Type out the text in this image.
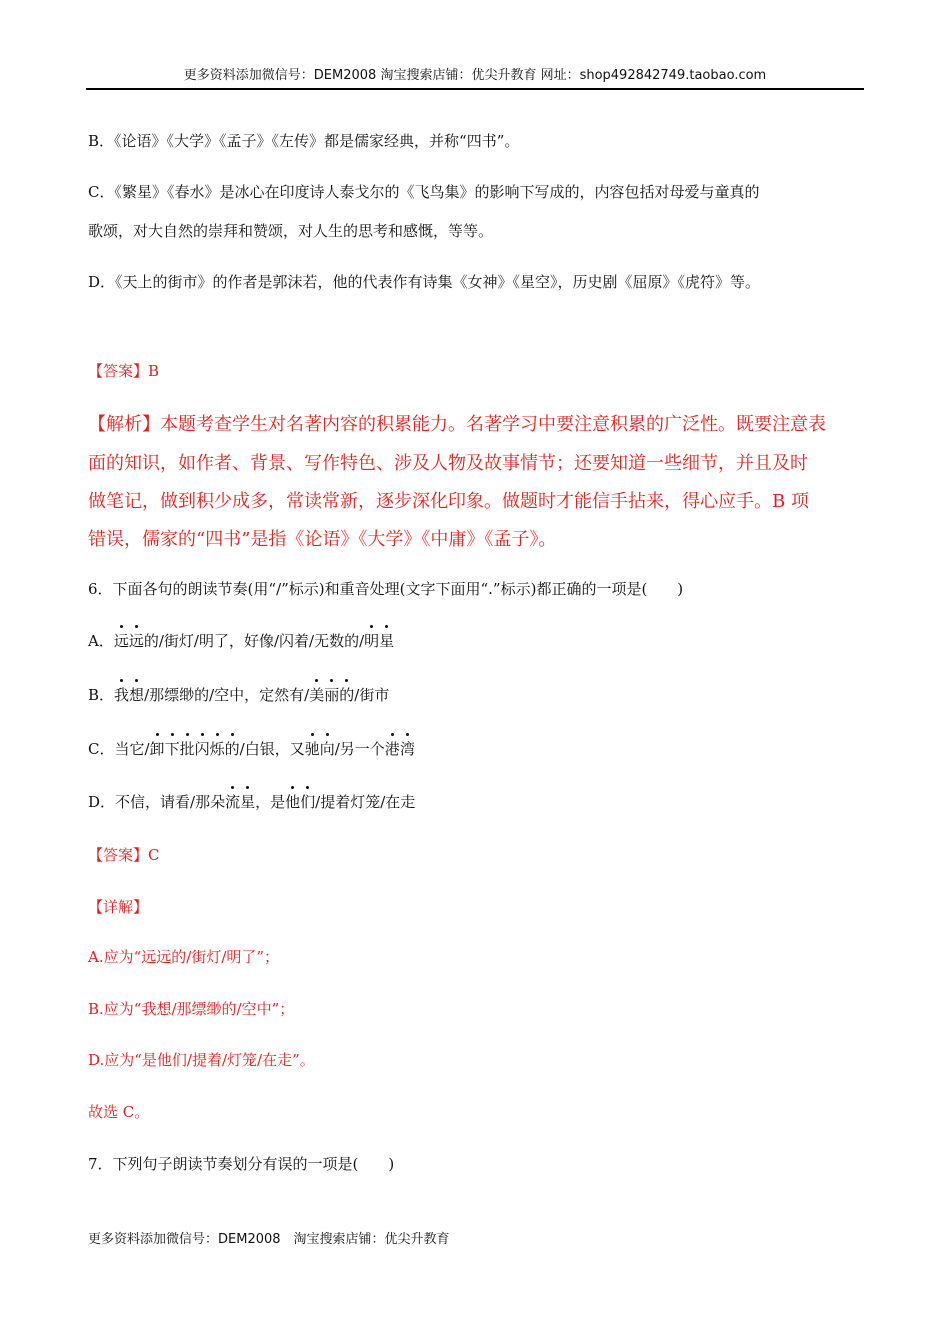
更多资料添加微信号：DEM2008 淘宝搜索店铺：优尖升教育 网址：shop492842749.taobao.com
B．《论语》《大学》《孟子》《左传》都是儒家经典，并称“四书”。
C．《繁星》《春水》是冰心在印度诗人泰戈尔的《飞鸟集》的影响下写成的，内容包括对母爱与童真的
歌颂，对大自然的崇拜和赞颂，对人生的思考和感慨，等等。
D．《天上的街市》的作者是郭沫若，他的代表作有诗集《女神》《星空》，历史剧《屈原》《虎符》等。
【答案】B
【解析】本题考查学生对名著内容的积累能力。名著学习中要注意积累的广泛性。既要注意表
面的知识，如作者、背景、写作特色、涉及人物及故事情节；还要知道一些细节，并且及时
做笔记，做到积少成多，常读常新，逐步深化印象。做题时才能信手拈来，得心应手。B 项
错误，儒家的“四书”是指《论语》《大学》《中庸》《孟子》。
6．下面各句的朗读节奏(用“/”标示)和重音处理(文字下面用“.”标示)都正确的一项是(　　)
A．远远的/街灯/明了，好像/闪着/无数的/明星
B．我想/那缥缈的/空中，定然有/美丽的/街市
C．当它/卸下批闪烁的/白银，又驰向/另一个港湾
D．不信，请看/那朵流星，是他们/提着灯笼/在走
【答案】C
【详解】
A.应为“远远的/街灯/明了”；
B.应为“我想/那缥缈的/空中”；
D.应为“是他们/提着/灯笼/在走”。
故选 C。
7．下列句子朗读节奏划分有误的一项是(　　)
更多资料添加微信号：DEM2008　淘宝搜索店铺：优尖升教育
